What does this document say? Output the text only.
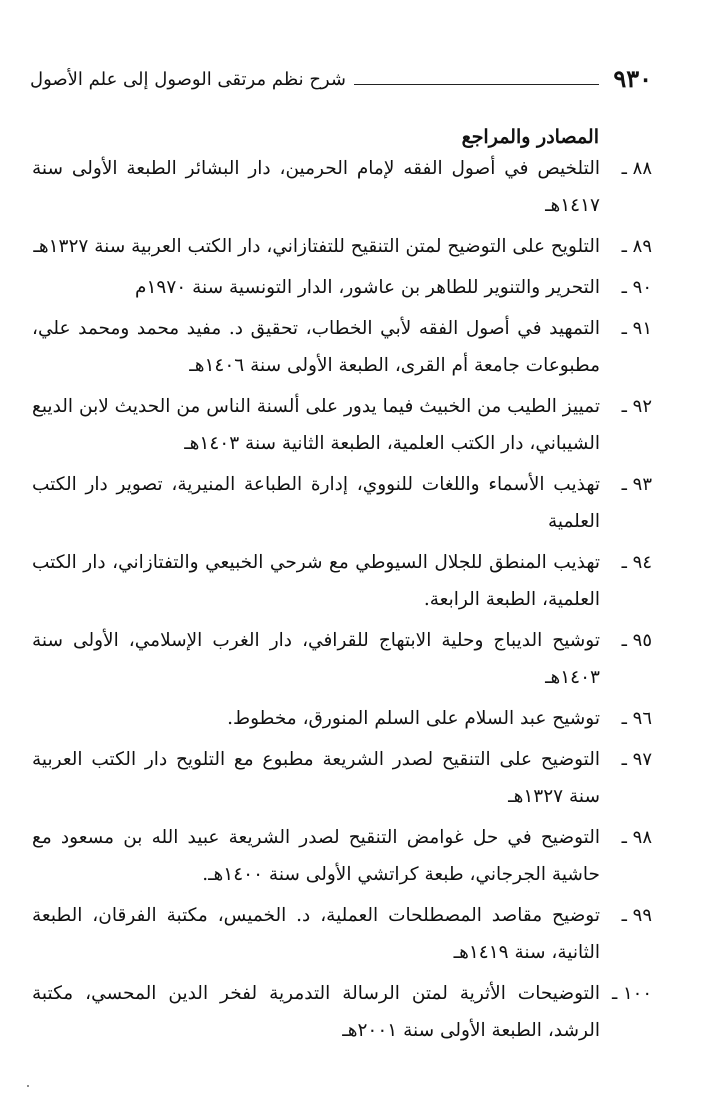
٩٣٠
شرح نظم مرتقى الوصول إلى علم الأصول
المصادر والمراجع
٨٨ ـ
التلخيص في أصول الفقه لإمام الحرمين، دار البشائر الطبعة الأولى سنة ١٤١٧هـ
٨٩ ـ
التلويح على التوضيح لمتن التنقيح للتفتازاني، دار الكتب العربية سنة ١٣٢٧هـ
٩٠ ـ
التحرير والتنوير للطاهر بن عاشور، الدار التونسية سنة ١٩٧٠م
٩١ ـ
التمهيد في أصول الفقه لأبي الخطاب، تحقيق د. مفيد محمد ومحمد علي، مطبوعات جامعة أم القرى، الطبعة الأولى سنة ١٤٠٦هـ
٩٢ ـ
تمييز الطيب من الخبيث فيما يدور على ألسنة الناس من الحديث لابن الديبع الشيباني، دار الكتب العلمية، الطبعة الثانية سنة ١٤٠٣هـ
٩٣ ـ
تهذيب الأسماء واللغات للنووي، إدارة الطباعة المنيرية، تصوير دار الكتب العلمية
٩٤ ـ
تهذيب المنطق للجلال السيوطي مع شرحي الخبيعي والتفتازاني، دار الكتب العلمية، الطبعة الرابعة.
٩٥ ـ
توشيح الديباج وحلية الابتهاج للقرافي، دار الغرب الإسلامي، الأولى سنة ١٤٠٣هـ
٩٦ ـ
توشيح عبد السلام على السلم المنورق، مخطوط.
٩٧ ـ
التوضيح على التنقيح لصدر الشريعة مطبوع مع التلويح دار الكتب العربية سنة ١٣٢٧هـ
٩٨ ـ
التوضيح في حل غوامض التنقيح لصدر الشريعة عبيد الله بن مسعود مع حاشية الجرجاني، طبعة كراتشي الأولى سنة ١٤٠٠هـ.
٩٩ ـ
توضيح مقاصد المصطلحات العملية، د. الخميس، مكتبة الفرقان، الطبعة الثانية، سنة ١٤١٩هـ
١٠٠ ـ
التوضيحات الأثرية لمتن الرسالة التدمرية لفخر الدين المحسي، مكتبة الرشد، الطبعة الأولى سنة ٢٠٠١هـ
